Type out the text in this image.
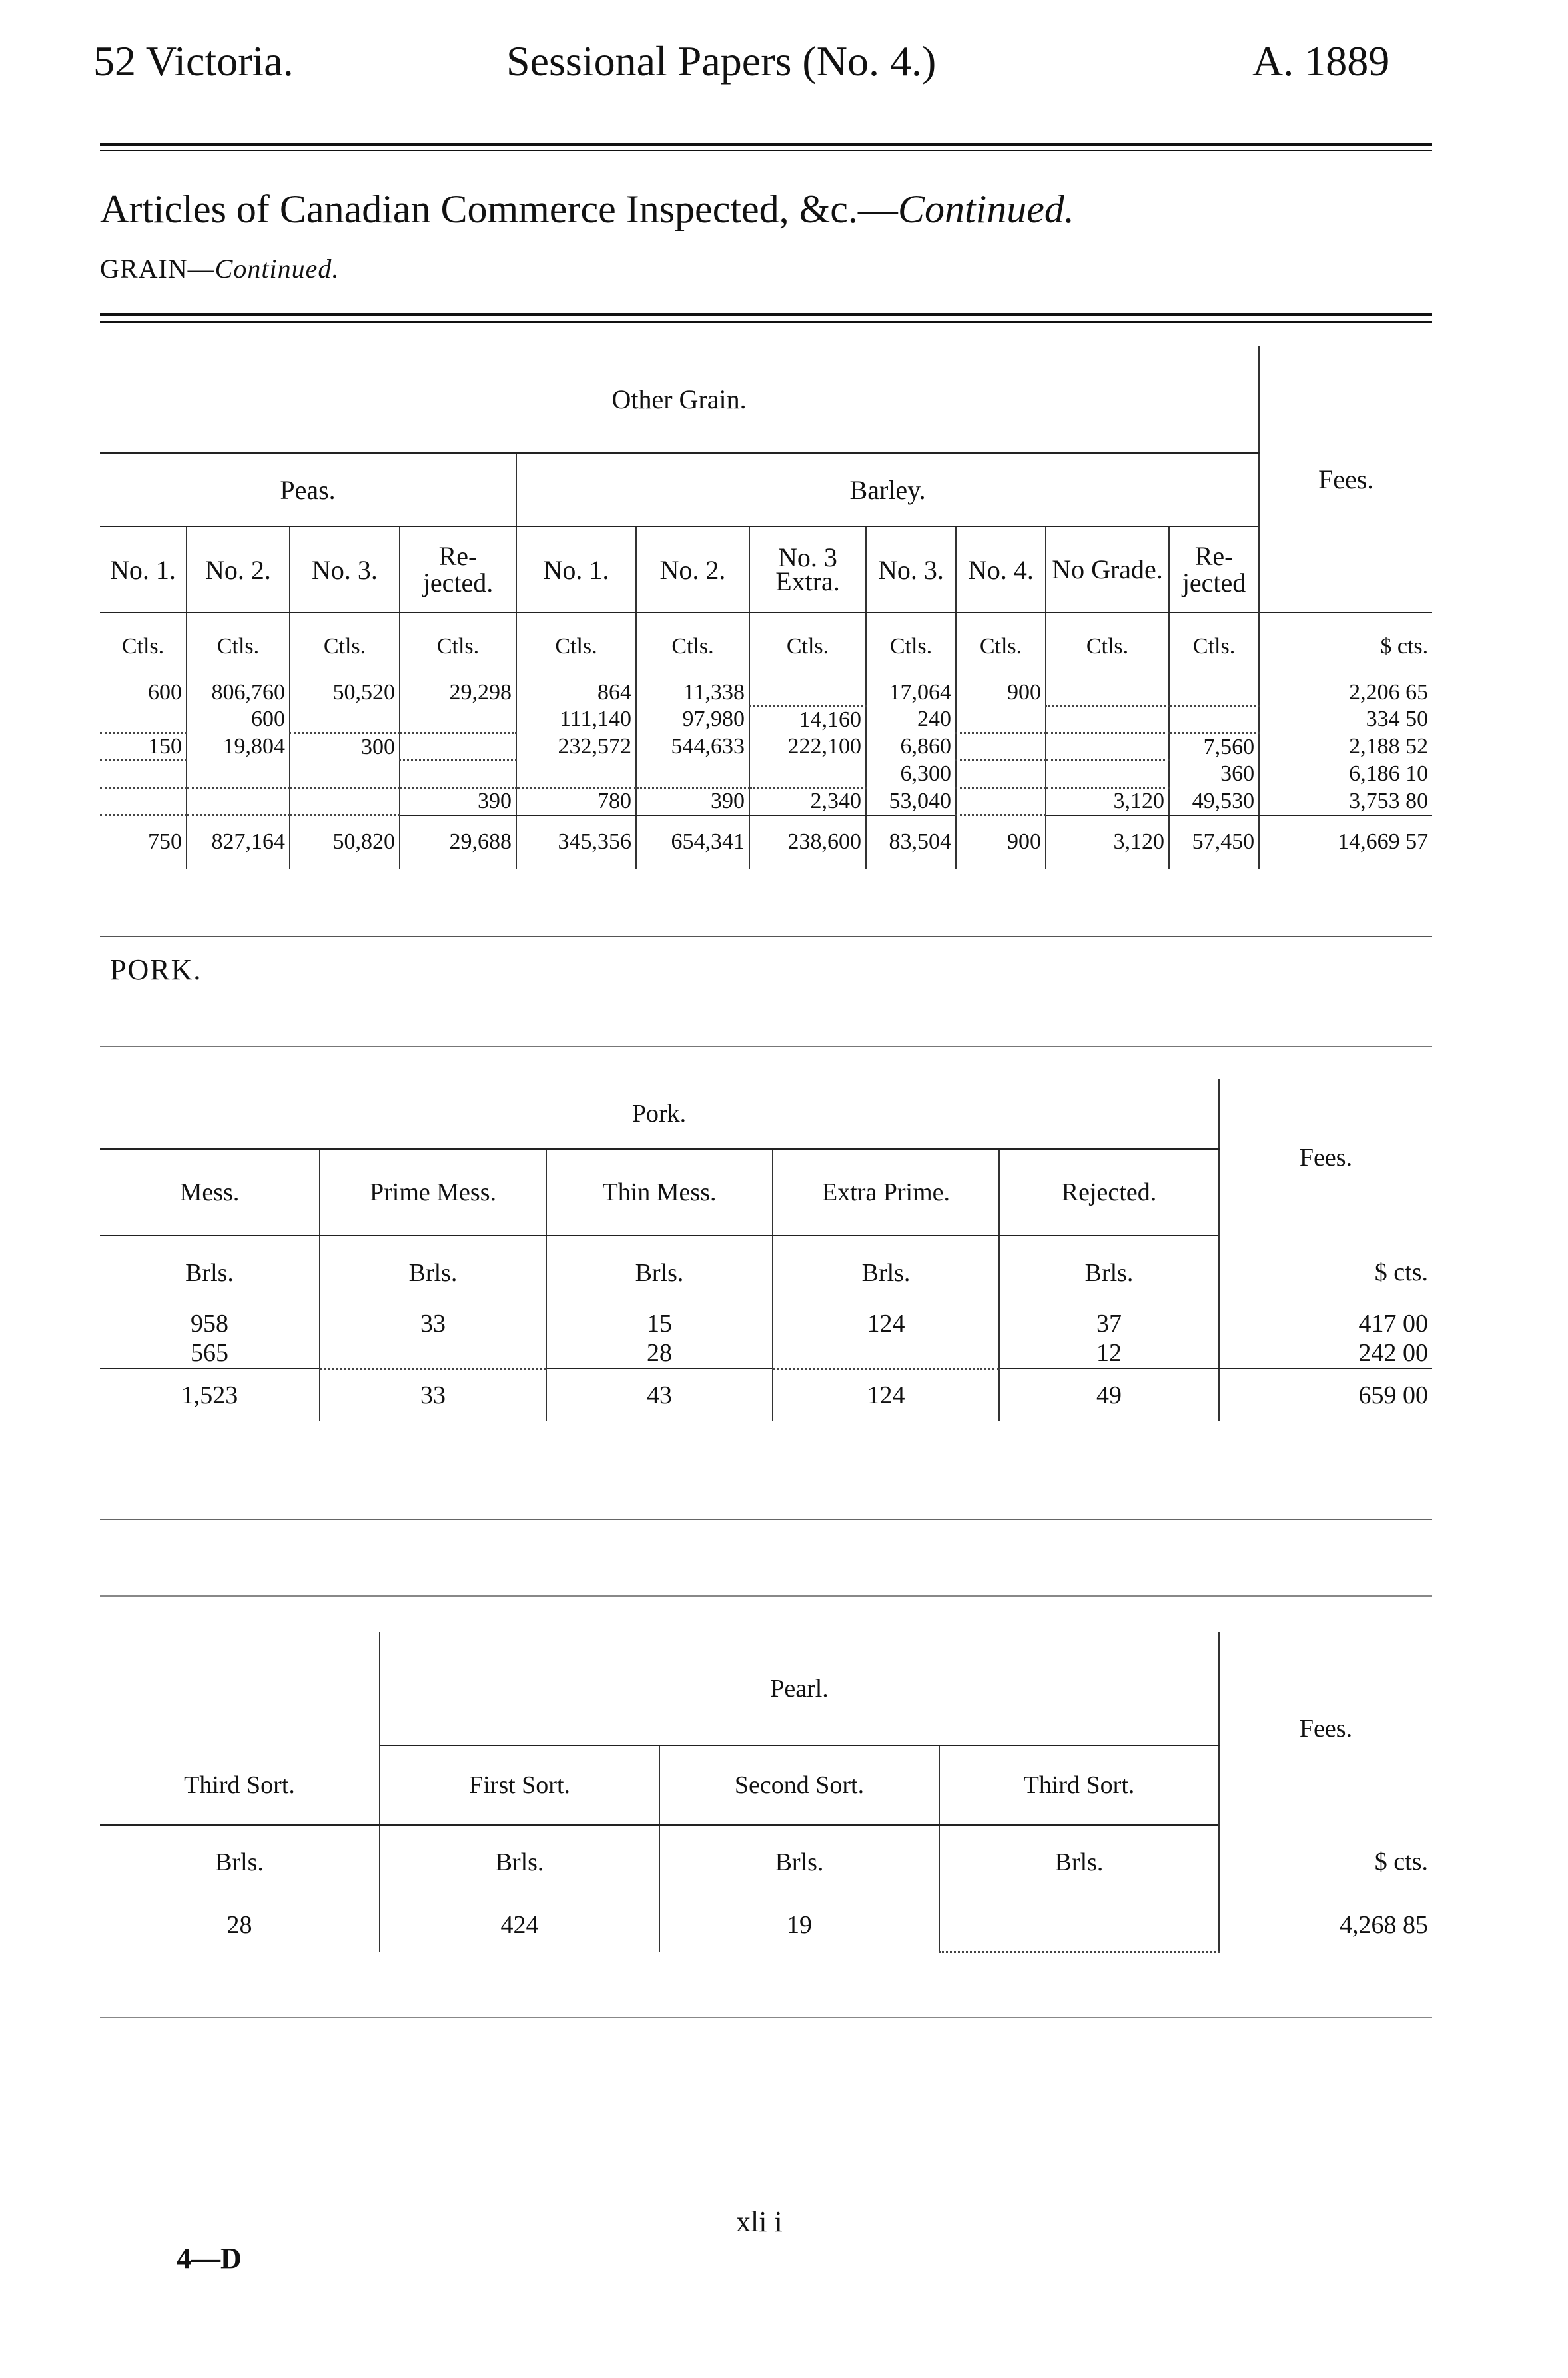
52 Victoria.	Sessional Papers (No. 4.)	A. 1889
Articles of Canadian Commerce Inspected, &c.—Continued.
GRAIN—Continued.
Other Grain.											Fees.
Peas.				Barley.							
No. 1.	No. 2.	No. 3.	Re-jected.	No. 1.	No. 2.	No. 3 Extra.	No. 3.	No. 4.	No Grade.	Re-jected	
Ctls.	Ctls.	Ctls.	Ctls.	Ctls.	Ctls.	Ctls.	Ctls.	Ctls.	Ctls.	Ctls.	$ cts.
600	806,760	50,520	29,298	864	11,338		17,064	900			2,206 65
	600			111,140	97,980	14,160	240				334 50
150	19,804	300		232,572	544,633	222,100	6,860			7,560	2,188 52
							6,300			360	6,186 10
			390	780	390	2,340	53,040		3,120	49,530	3,753 80
750	827,164	50,820	29,688	345,356	654,341	238,600	83,504	900	3,120	57,450	14,669 57
PORK.
Pork.					Fees.
Mess.	Prime Mess.	Thin Mess.	Extra Prime.	Rejected.	
Brls.	Brls.	Brls.	Brls.	Brls.	$ cts.
958	33	15	124	37	417 00
565		28		12	242 00
1,523	33	43	124	49	659 00
	Pearl.			Fees.
Third Sort.	First Sort.	Second Sort.	Third Sort.	
Brls.	Brls.	Brls.	Brls.	$ cts.
28	424	19		4,268 85
xli i
4—D
